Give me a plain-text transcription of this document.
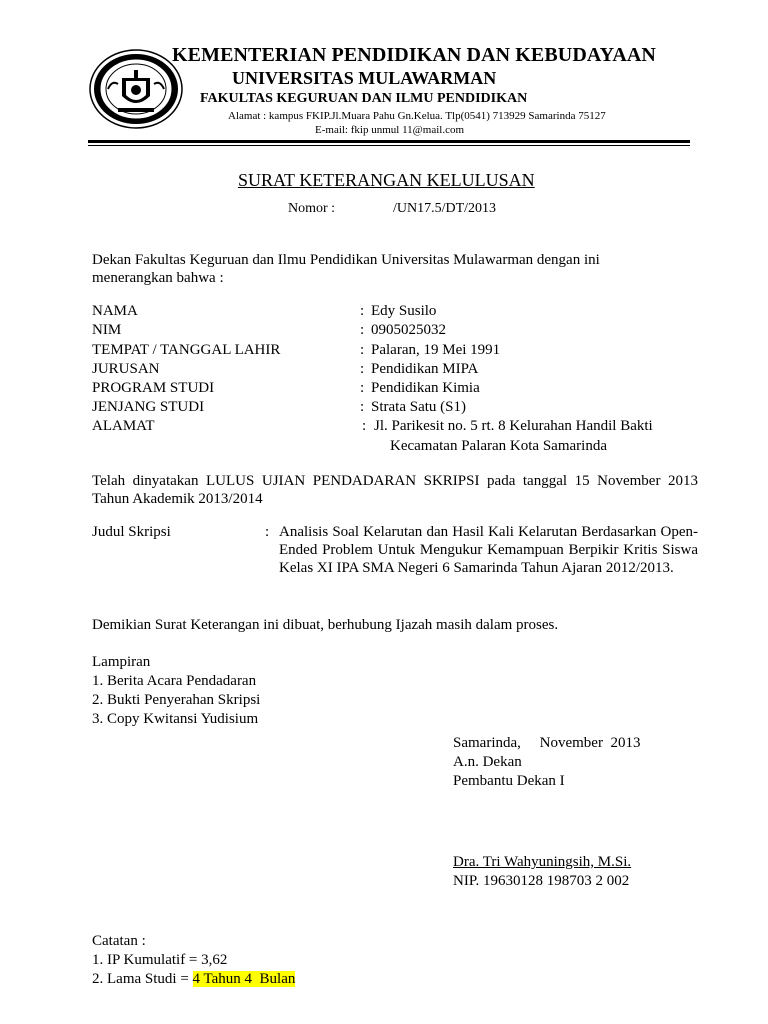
KEMENTERIAN PENDIDIKAN DAN KEBUDAYAAN
UNIVERSITAS MULAWARMAN
FAKULTAS KEGURUAN DAN ILMU PENDIDIKAN
Alamat : kampus FKIP.Jl.Muara Pahu Gn.Kelua. Tlp(0541) 713929 Samarinda 75127
E-mail: fkip unmul 11@mail.com
SURAT KETERANGAN KELULUSAN
Nomor :	/UN17.5/DT/2013
Dekan Fakultas Keguruan dan Ilmu Pendidikan Universitas Mulawarman dengan ini menerangkan bahwa :
NAMA	: Edy Susilo
NIM	: 0905025032
TEMPAT / TANGGAL LAHIR	: Palaran, 19 Mei 1991
JURUSAN	: Pendidikan MIPA
PROGRAM STUDI	: Pendidikan Kimia
JENJANG STUDI	: Strata Satu (S1)
ALAMAT	: Jl. Parikesit no. 5 rt. 8 Kelurahan Handil Bakti
Kecamatan Palaran Kota Samarinda
Telah dinyatakan LULUS UJIAN PENDADARAN SKRIPSI pada tanggal 15 November 2013
Tahun Akademik 2013/2014
Judul Skripsi	: Analisis Soal Kelarutan dan Hasil Kali Kelarutan Berdasarkan Open- Ended Problem Untuk Mengukur Kemampuan Berpikir Kritis Siswa Kelas XI IPA SMA Negeri 6 Samarinda Tahun Ajaran 2012/2013.
Demikian Surat Keterangan ini dibuat, berhubung Ijazah masih dalam proses.
Lampiran
1. Berita Acara Pendadaran
2. Bukti Penyerahan Skripsi
3. Copy Kwitansi Yudisium
Samarinda,     November  2013
A.n. Dekan
Pembantu Dekan I
Dra. Tri Wahyuningsih, M.Si.
NIP. 19630128 198703 2 002
Catatan :
1. IP Kumulatif = 3,62
2. Lama Studi = 4 Tahun 4  Bulan
